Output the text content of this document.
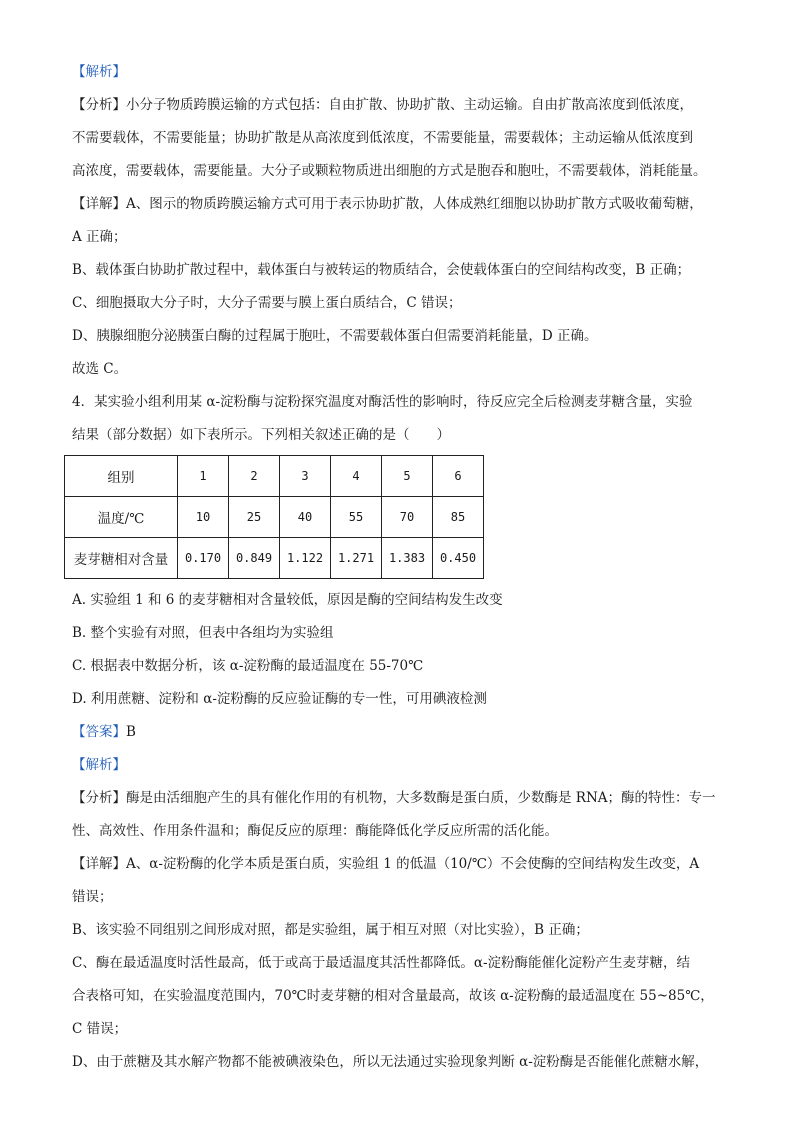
【解析】
【分析】小分子物质跨膜运输的方式包括：自由扩散、协助扩散、主动运输。自由扩散高浓度到低浓度，
不需要载体，不需要能量；协助扩散是从高浓度到低浓度，不需要能量，需要载体；主动运输从低浓度到
高浓度，需要载体，需要能量。大分子或颗粒物质进出细胞的方式是胞吞和胞吐，不需要载体，消耗能量。
【详解】A、图示的物质跨膜运输方式可用于表示协助扩散，人体成熟红细胞以协助扩散方式吸收葡萄糖，
A 正确；
B、载体蛋白协助扩散过程中，载体蛋白与被转运的物质结合，会使载体蛋白的空间结构改变，B 正确；
C、细胞摄取大分子时，大分子需要与膜上蛋白质结合，C 错误；
D、胰腺细胞分泌胰蛋白酶的过程属于胞吐，不需要载体蛋白但需要消耗能量，D 正确。
故选 C。
4．某实验小组利用某 α-淀粉酶与淀粉探究温度对酶活性的影响时，待反应完全后检测麦芽糖含量，实验
结果（部分数据）如下表所示。下列相关叙述正确的是（　　）
组别	1	2	3	4	5	6
温度/℃	10	25	40	55	70	85
麦芽糖相对含量	0.170	0.849	1.122	1.271	1.383	0.450
A. 实验组 1 和 6 的麦芽糖相对含量较低，原因是酶的空间结构发生改变
B. 整个实验有对照，但表中各组均为实验组
C. 根据表中数据分析，该 α-淀粉酶的最适温度在 55-70℃
D. 利用蔗糖、淀粉和 α-淀粉酶的反应验证酶的专一性，可用碘液检测
【答案】B
【解析】
【分析】酶是由活细胞产生的具有催化作用的有机物，大多数酶是蛋白质，少数酶是 RNA；酶的特性：专一
性、高效性、作用条件温和；酶促反应的原理：酶能降低化学反应所需的活化能。
【详解】A、α-淀粉酶的化学本质是蛋白质，实验组 1 的低温（10/℃）不会使酶的空间结构发生改变，A
错误；
B、该实验不同组别之间形成对照，都是实验组，属于相互对照（对比实验），B 正确；
C、酶在最适温度时活性最高，低于或高于最适温度其活性都降低。α-淀粉酶能催化淀粉产生麦芽糖，结
合表格可知，在实验温度范围内，70℃时麦芽糖的相对含量最高，故该 α-淀粉酶的最适温度在 55~85℃，
C 错误；
D、由于蔗糖及其水解产物都不能被碘液染色，所以无法通过实验现象判断 α-淀粉酶是否能催化蔗糖水解，
